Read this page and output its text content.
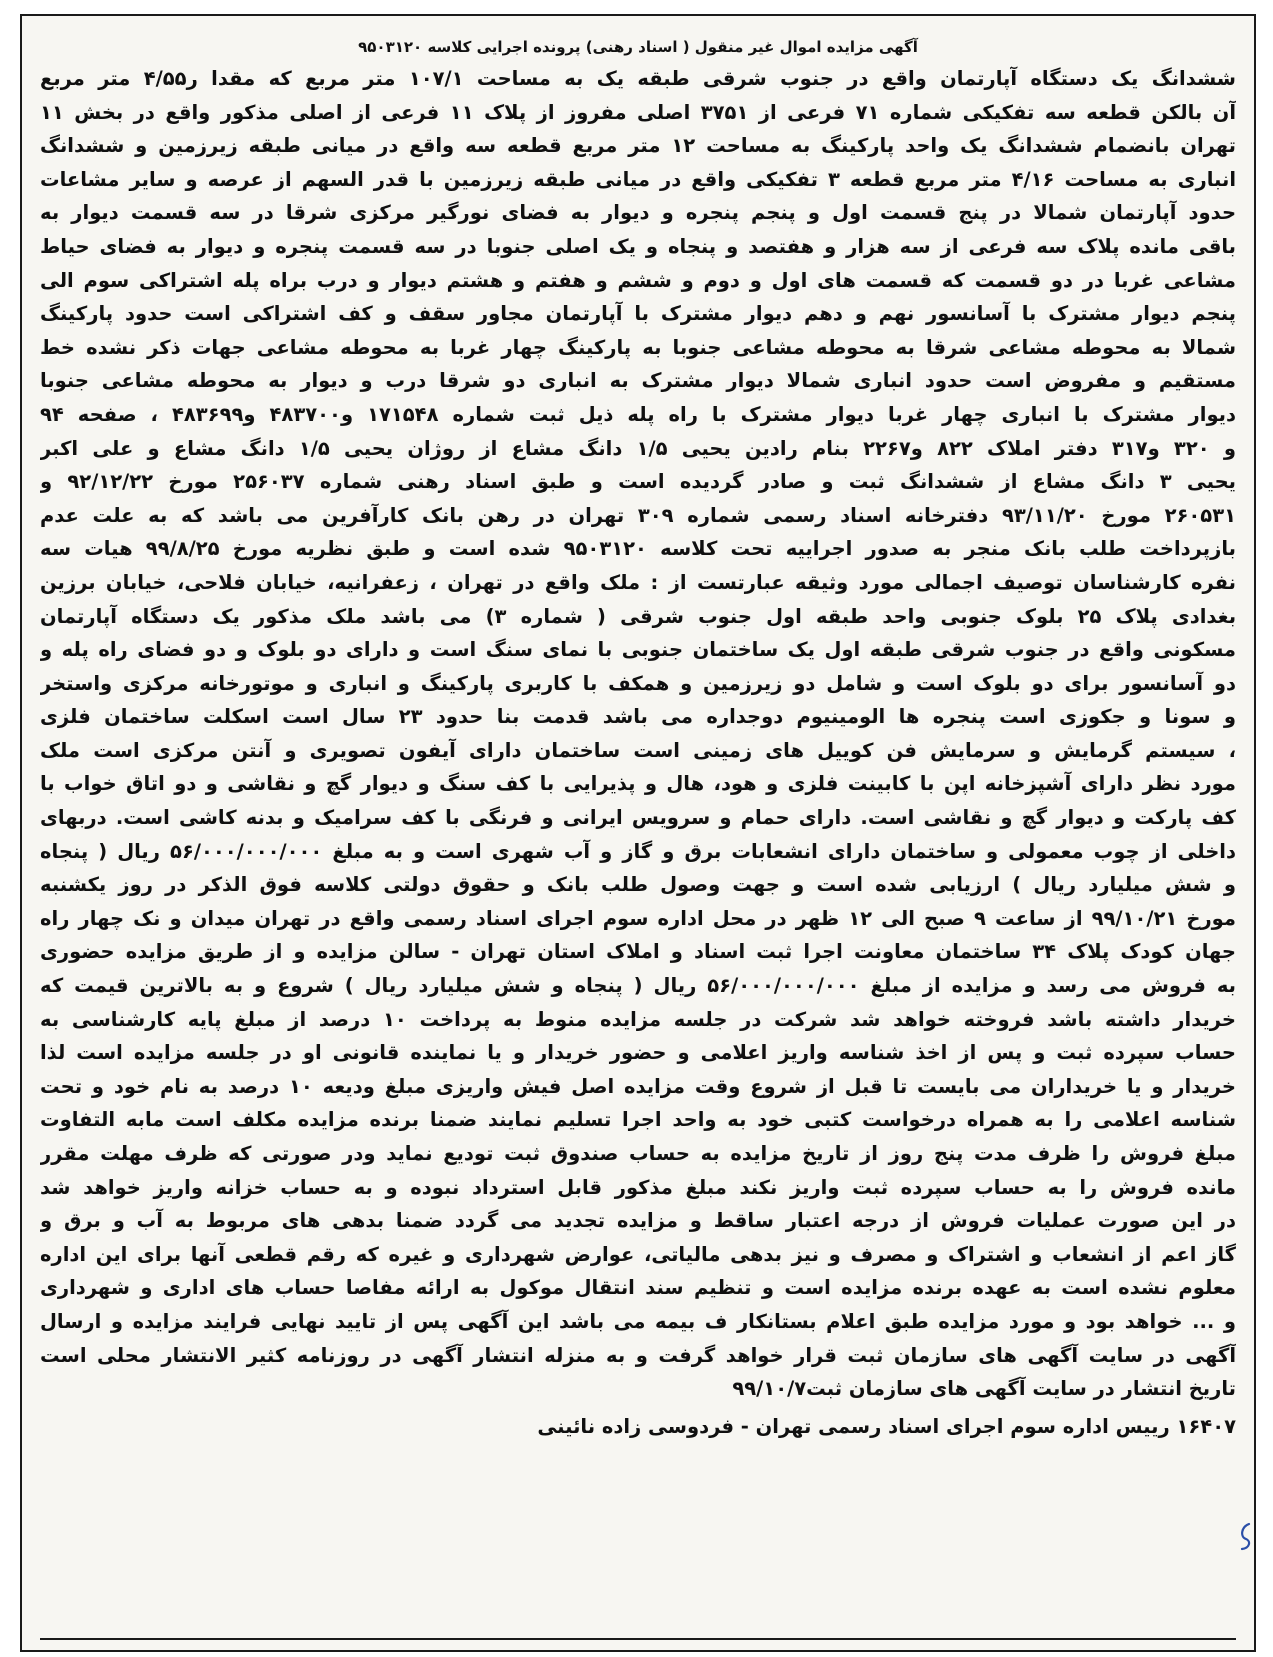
آگهی مزایده اموال غیر منقول ( اسناد رهنی) پرونده اجرایی کلاسه ۹۵۰۳۱۲۰
ششدانگ یک دستگاه آپارتمان واقع در جنوب شرقی طبقه یک به مساحت ۱۰۷/۱ متر مربع که مقدا ر۴/۵۵ متر مربع
آن بالکن قطعه سه تفکیکی شماره ۷۱ فرعی از ۳۷۵۱ اصلی مفروز از پلاک ۱۱ فرعی از اصلی مذکور واقع در بخش ۱۱
تهران بانضمام ششدانگ یک واحد پارکینگ به مساحت ۱۲ متر مربع قطعه سه واقع در میانی طبقه زیرزمین و ششدانگ
انباری به مساحت ۴/۱۶ متر مربع قطعه ۳ تفکیکی واقع در میانی طبقه زیرزمین با قدر السهم از عرصه و سایر مشاعات
حدود آپارتمان شمالا در پنج قسمت اول و پنجم پنجره و دیوار به فضای نورگیر مرکزی شرقا در سه قسمت دیوار به
باقی مانده پلاک سه فرعی از سه هزار و هفتصد و پنجاه و یک اصلی جنوبا در سه قسمت پنجره و دیوار به فضای حیاط
مشاعی غربا در دو قسمت که قسمت های اول و دوم و ششم و هفتم و هشتم دیوار و درب براه پله اشتراکی سوم الی
پنجم دیوار مشترک با آسانسور نهم و دهم دیوار مشترک با آپارتمان مجاور سقف و کف اشتراکی است حدود پارکینگ
شمالا به محوطه مشاعی شرقا به محوطه مشاعی جنوبا به پارکینگ چهار غربا به محوطه مشاعی جهات ذکر نشده خط
مستقیم و مفروض است حدود انباری شمالا دیوار مشترک به انباری دو شرقا درب و دیوار به محوطه مشاعی جنوبا
دیوار مشترک با انباری چهار غربا دیوار مشترک با راه پله ذیل ثبت شماره ۱۷۱۵۴۸ و۴۸۳۷۰۰ و۴۸۳۶۹۹ ، صفحه ۹۴
و ۳۲۰ و۳۱۷ دفتر املاک ۸۲۲ و۲۲۶۷ بنام رادین یحیی ۱/۵ دانگ مشاع از روژان یحیی ۱/۵ دانگ مشاع و علی اکبر
یحیی ۳ دانگ مشاع از ششدانگ ثبت و صادر گردیده است و طبق اسناد رهنی شماره ۲۵۶۰۳۷ مورخ ۹۲/۱۲/۲۲ و
۲۶۰۵۳۱ مورخ ۹۳/۱۱/۲۰ دفترخانه اسناد رسمی شماره ۳۰۹ تهران در رهن بانک کارآفرین می باشد که به علت عدم
بازپرداخت طلب بانک منجر به صدور اجراییه تحت کلاسه ۹۵۰۳۱۲۰ شده است و طبق نظریه مورخ ۹۹/۸/۲۵ هیات سه
نفره کارشناسان توصیف اجمالی مورد وثیقه عبارتست از : ملک واقع در تهران ، زعفرانیه، خیابان فلاحی، خیابان برزین
بغدادی پلاک ۲۵ بلوک جنوبی واحد طبقه اول جنوب شرقی ( شماره ۳) می باشد ملک مذکور یک دستگاه آپارتمان
مسکونی واقع در جنوب شرقی طبقه اول یک ساختمان جنوبی با نمای سنگ است و دارای دو بلوک و دو فضای راه پله و
دو آسانسور برای دو بلوک است و شامل دو زیرزمین و همکف با کاربری پارکینگ و انباری و موتورخانه مرکزی واستخر
و سونا و جکوزی است پنجره ها الومینیوم دوجداره می باشد قدمت بنا حدود ۲۳ سال است اسکلت ساختمان فلزی
، سیستم گرمایش و سرمایش فن کوییل های زمینی است ساختمان دارای آیفون تصویری و آنتن مرکزی است ملک
مورد نظر دارای آشپزخانه اپن با کابینت فلزی و هود، هال و پذیرایی با کف سنگ و دیوار گچ و نقاشی و دو اتاق خواب با
کف پارکت و دیوار گچ و نقاشی است. دارای حمام و سرویس ایرانی و فرنگی با کف سرامیک و بدنه کاشی است. دربهای
داخلی از چوب معمولی و ساختمان دارای انشعابات برق و گاز و آب شهری است و به مبلغ ۵۶/۰۰۰/۰۰۰/۰۰۰ ریال ( پنجاه
و شش میلیارد ریال ) ارزیابی شده است و جهت وصول طلب بانک و حقوق دولتی کلاسه فوق الذکر در روز یکشنبه
مورخ ۹۹/۱۰/۲۱ از ساعت ۹ صبح الی ۱۲ ظهر در محل اداره سوم اجرای اسناد رسمی واقع در تهران میدان و نک چهار راه
جهان کودک پلاک ۳۴ ساختمان معاونت اجرا ثبت اسناد و املاک استان تهران - سالن مزایده و از طریق مزایده حضوری
به فروش می رسد و مزایده از مبلغ ۵۶/۰۰۰/۰۰۰/۰۰۰ ریال ( پنجاه و شش میلیارد ریال ) شروع و به بالاترین قیمت که
خریدار داشته باشد فروخته خواهد شد شرکت در جلسه مزایده منوط به پرداخت ۱۰ درصد از مبلغ پایه کارشناسی به
حساب سپرده ثبت و پس از اخذ شناسه واریز اعلامی و حضور خریدار و یا نماینده قانونی او در جلسه مزایده است لذا
خریدار و یا خریداران می بایست تا قبل از شروع وقت مزایده اصل فیش واریزی مبلغ ودیعه ۱۰ درصد به نام خود و تحت
شناسه اعلامی را به همراه درخواست کتبی خود به واحد اجرا تسلیم نمایند ضمنا برنده مزایده مکلف است مابه التفاوت
مبلغ فروش را ظرف مدت پنج روز از تاریخ مزایده به حساب صندوق ثبت تودیع نماید ودر صورتی که ظرف مهلت مقرر
مانده فروش را به حساب سپرده ثبت واریز نکند مبلغ مذکور قابل استرداد نبوده و به حساب خزانه واریز خواهد شد
در این صورت عملیات فروش از درجه اعتبار ساقط و مزایده تجدید می گردد ضمنا بدهی های مربوط به آب و برق و
گاز اعم از انشعاب و اشتراک و مصرف و نیز بدهی مالیاتی، عوارض شهرداری و غیره که رقم قطعی آنها برای این اداره
معلوم نشده است به عهده برنده مزایده است و تنظیم سند انتقال موکول به ارائه مفاصا حساب های اداری و شهرداری
و ... خواهد بود و مورد مزایده طبق اعلام بستانکار ف بیمه می باشد این آگهی پس از تایید نهایی فرایند مزایده و ارسال
آگهی در سایت آگهی های سازمان ثبت قرار خواهد گرفت و به منزله انتشار آگهی در روزنامه کثیر الانتشار محلی است
تاریخ انتشار در سایت آگهی های سازمان ثبت۹۹/۱۰/۷
۱۶۴۰۷ رییس اداره سوم اجرای اسناد رسمی تهران - فردوسی زاده نائینی
